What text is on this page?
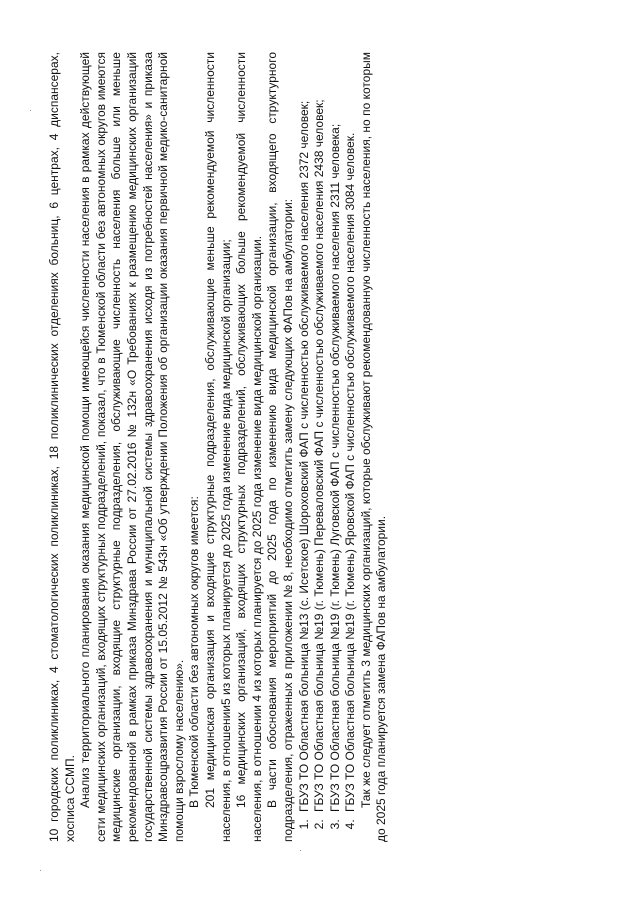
10 городских поликлиниках, 4 стоматологических поликлиниках, 18 поликлинических отделениях больниц, 6 центрах, 4 диспансерах, хосписа ССМП. Анализ территориального планирования оказания медицинской помощи имеющейся численности населения в рамках действующей сети медицинских организаций, входящих структурных подразделений, показал, что в Тюменской области без автономных округов имеются медицинские организации, входящие структурные подразделения, обслуживающие численность населения больше или меньше рекомендованной в рамках приказа Минздрава России от 27.02.2016 № 132н «О Требованиях к размещению медицинских организаций государственной системы здравоохранения и муниципальной системы здравоохранения исходя из потребностей населения» и приказа Минздравсоцразвития России от 15.05.2012 № 543н «Об утверждении Положения об организации оказания первичной медико-санитарной помощи взрослому населению». В Тюменской области без автономных округов имеется: 201 медицинская организация и входящие структурные подразделения, обслуживающие меньше рекомендуемой численности населения, в отношении5 из которых планируется до 2025 года изменение вида медицинской организации; 16 медицинских организаций, входящих структурных подразделений, обслуживающих больше рекомендуемой численности населения, в отношении 4 из которых планируется до 2025 года изменение вида медицинской организации. В части обоснования мероприятий до 2025 года по изменению вида медицинской организации, входящего структурного подразделения, отраженных в приложении № 8, необходимо отметить замену следующих ФАПов на амбулатории: 1. ГБУЗ ТО Областная больница №13 (с. Исетское) Шороховский ФАП с численностью обслуживаемого населения 2372 человек; 2. ГБУЗ ТО Областная больница №19 (г. Тюмень) Переваловский ФАП с численностью обслуживаемого населения 2438 человек; 3. ГБУЗ ТО Областная больница №19 (г. Тюмень) Луговской ФАП с численностью обслуживаемого населения 2311 человека; 4. ГБУЗ ТО Областная больница №19 (г. Тюмень) Яровской ФАП с численностью обслуживаемого населения 3084 человек. Так же следует отметить 3 медицинских организаций, которые обслуживают рекомендованную численность населения, но по которым до 2025 года планируется замена ФАПов на амбулатории.
